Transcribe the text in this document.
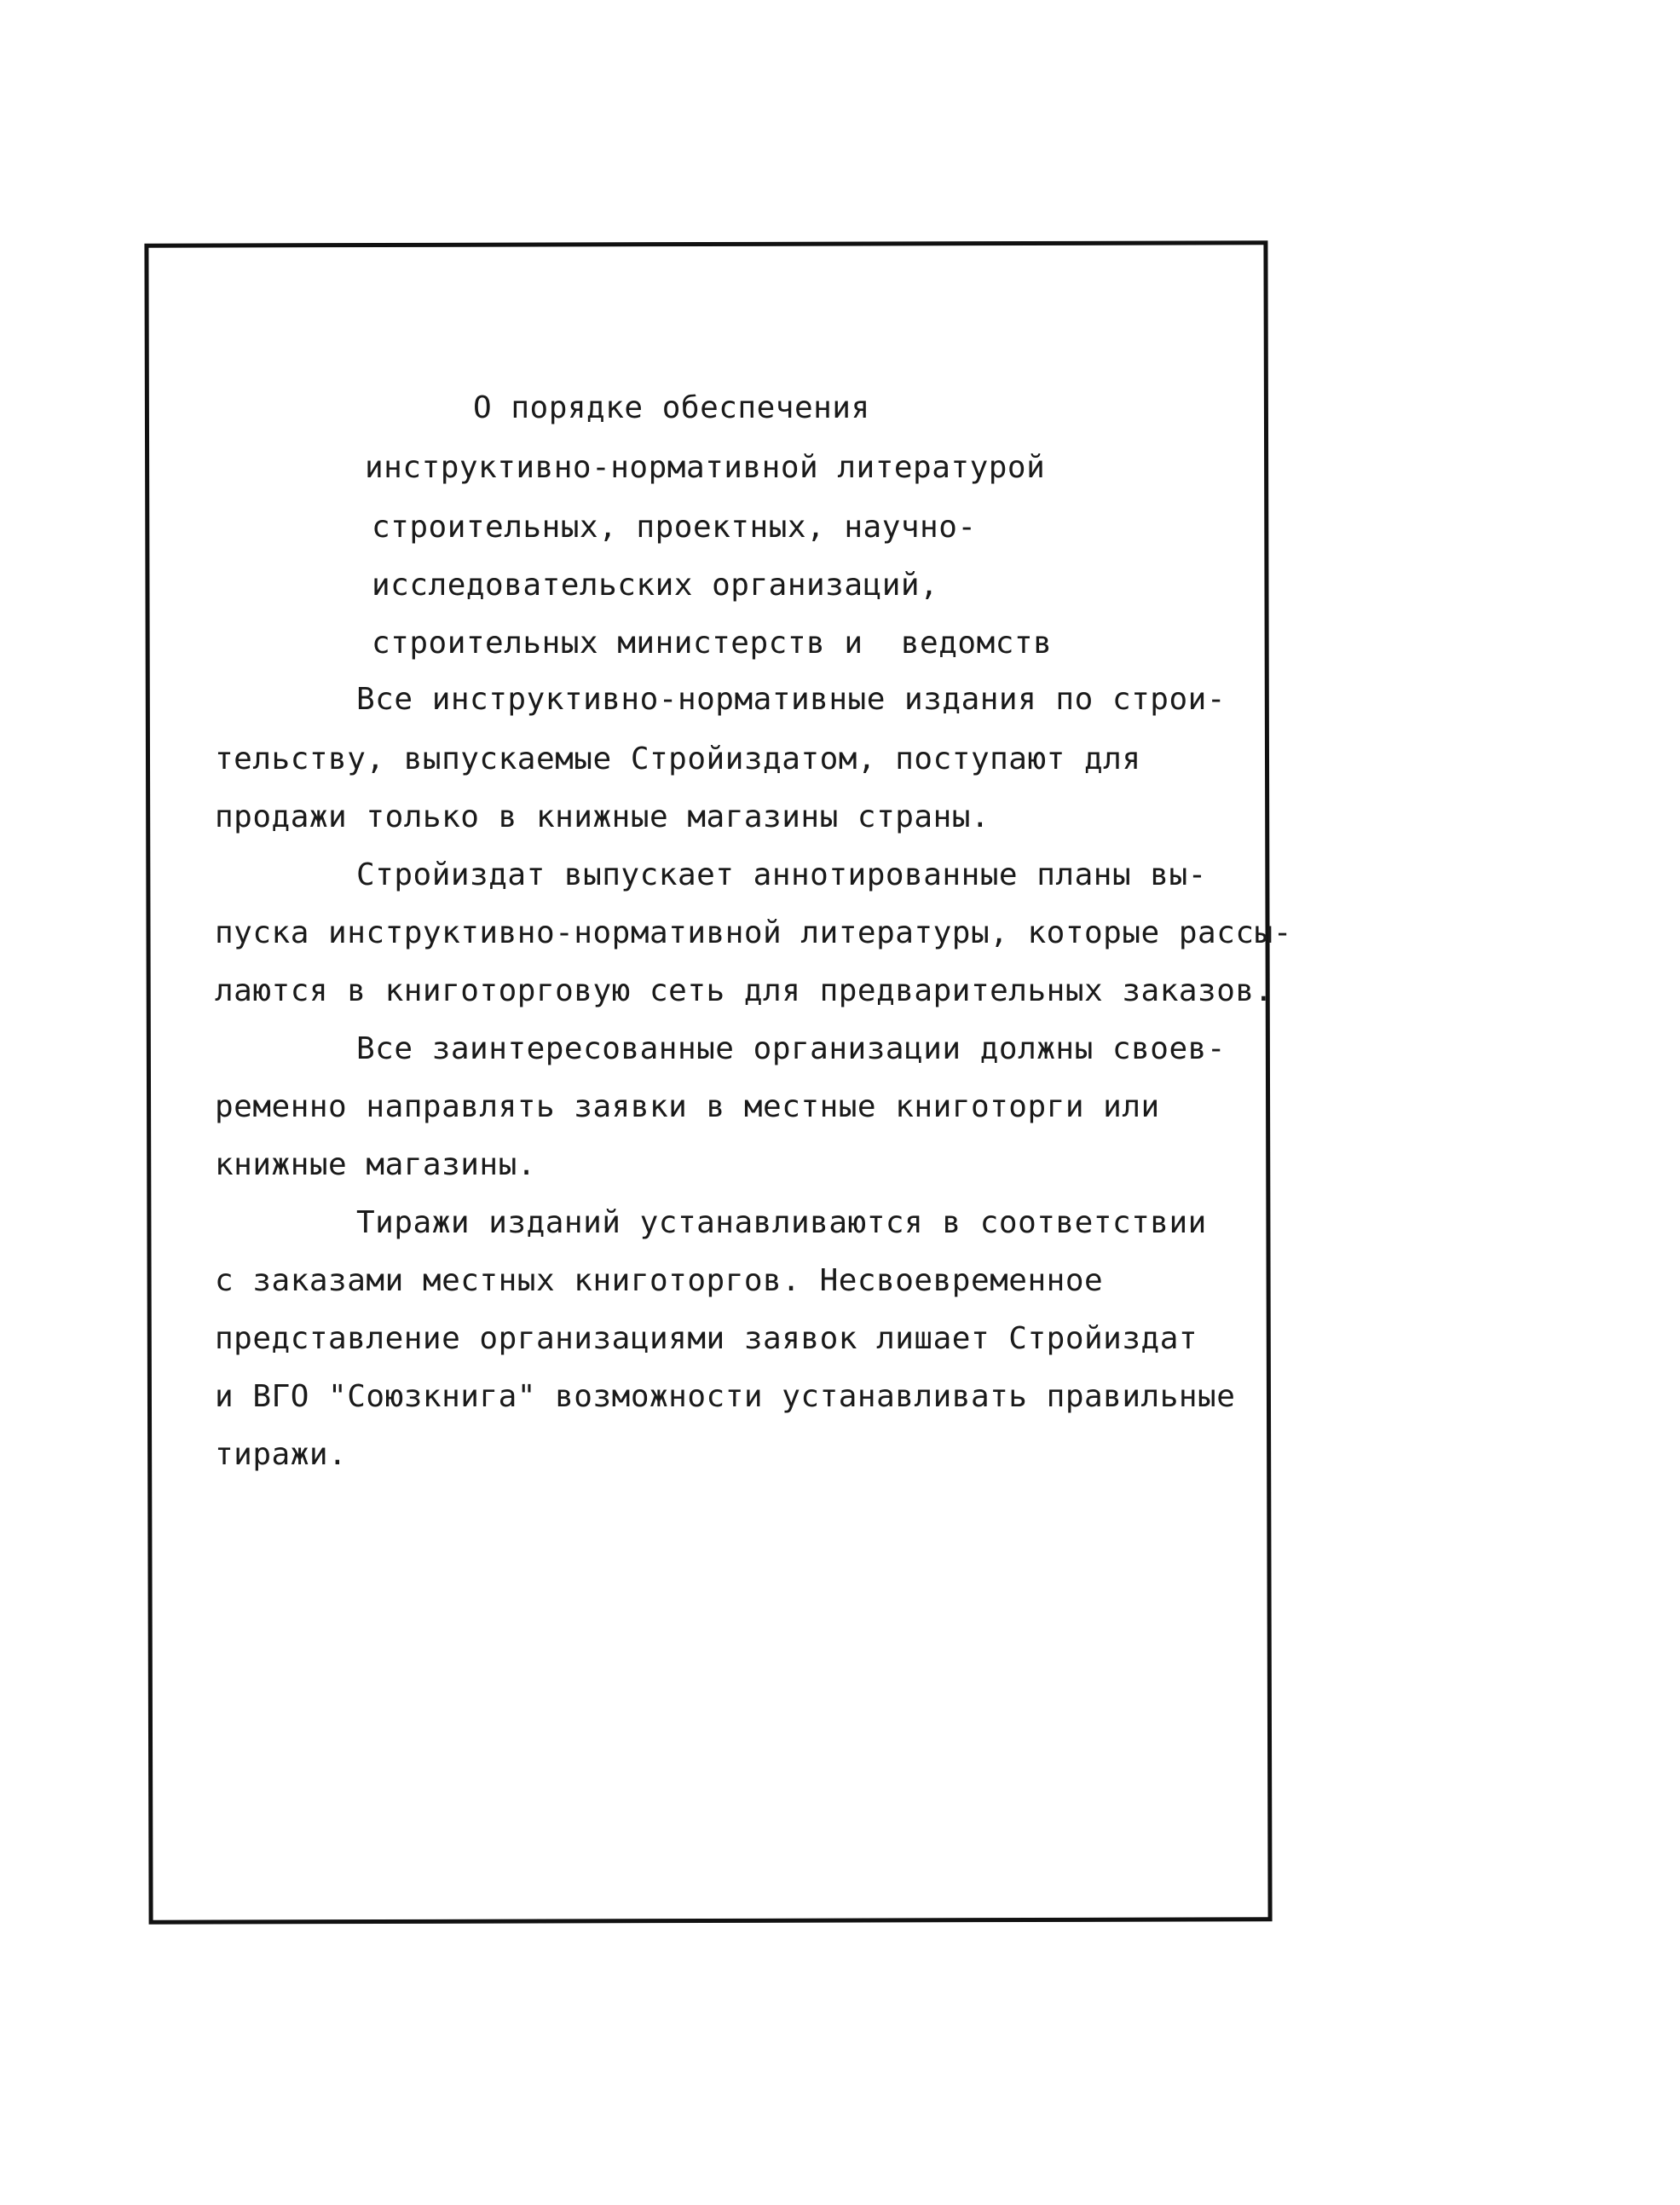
О порядке обеспечения
инструктивно-нормативной литературой
строительных, проектных, научно-
исследовательских организаций,
строительных министерств и  ведомств
Все инструктивно-нормативные издания по строи-
тельству, выпускаемые Стройиздатом, поступают для
продажи только в книжные магазины страны.
Стройиздат выпускает аннотированные планы вы-
пуска инструктивно-нормативной литературы, которые рассы-
лаются в книготорговую сеть для предварительных заказов.
Все заинтересованные организации должны своев-
ременно направлять заявки в местные книготорги или
книжные магазины.
Тиражи изданий устанавливаются в соответствии
с заказами местных книготоргов. Несвоевременное
представление организациями заявок лишает Стройиздат
и ВГО "Союзкнига" возможности устанавливать правильные
тиражи.
